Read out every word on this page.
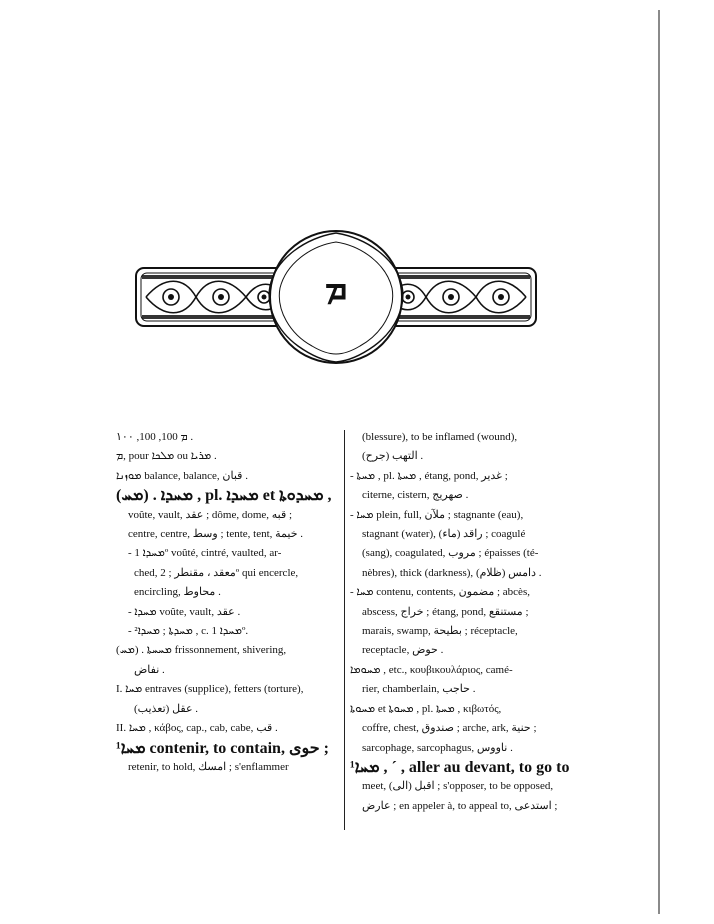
ܡ
ܡ 100, 100, ١٠٠ .
ܡ, pour ܡܠܟܐ ou ܡܪܝܐ .
ܡܘܙܢܐ balance, balance, قبان .
(ܡܚ) . ܡܚܕܐ , pl. ܡܚܕܐ et ܡܚܕܘܬܐ ,
voûte, vault, عقد ; dôme, dome, قبه ;
centre, centre, وسط ; tente, tent, خيمة .
- ܡܚܕܐ 1º voûté, cintré, vaulted, ar-
ched, معقد ، مقنطر ; 2º qui encercle,
encircling, محاوط .
- ܡܚܕܐ voûte, vault, عقد .
- ²ܡܚܕܬܐ ; ܡܚܕܐ , c. ܡܚܕܐ 1º.
(ܡܚ) . ܡܚܚܬܐ frissonnement, shivering,
نفاض .
I. ܡܚܐ entraves (supplice), fetters (torture),
عقل (تعذيب) .
II. ܡܚܐ , κάβος, cap., cab, cabe, قب .
¹ܡܚܐ contenir, to contain, حوى ;
retenir, to hold, امسك ; s'enflammer
(blessure), to be inflamed (wound),
التهب (جرح) .
- ܡܚܬܐ , pl. ܡܚܬܐ , étang, pond, غدير ;
citerne, cistern, صهريج .
- ܡܚܐ plein, full, ملآن ; stagnante (eau),
stagnant (water), راقد (ماء) ; coagulé
(sang), coagulated, مروب ; épaisses (té-
nèbres), thick (darkness), دامس (ظلام) .
- ܡܚܐ contenu, contents, مضمون ; abcès,
abscess, خراج ; étang, pond, مستنقع ;
marais, swamp, بطيحة ; réceptacle,
receptacle, حوض .
ܡܚܘܡܐ , etc., κουβικουλάριος, camé-
rier, chamberlain, حاجب .
ܡܚܘܬܐ et ܡܚܘܬܐ , pl. ܡܚܬܐ , κιβωτός,
coffre, chest, صندوق ; arche, ark, حنية ;
sarcophage, sarcophagus, ناووس .
¹ܡܚܐ , ´ , aller au devant, to go to
meet, اقبل (الى) ; s'opposer, to be opposed,
عارض ; en appeler à, to appeal to, استدعى ;
